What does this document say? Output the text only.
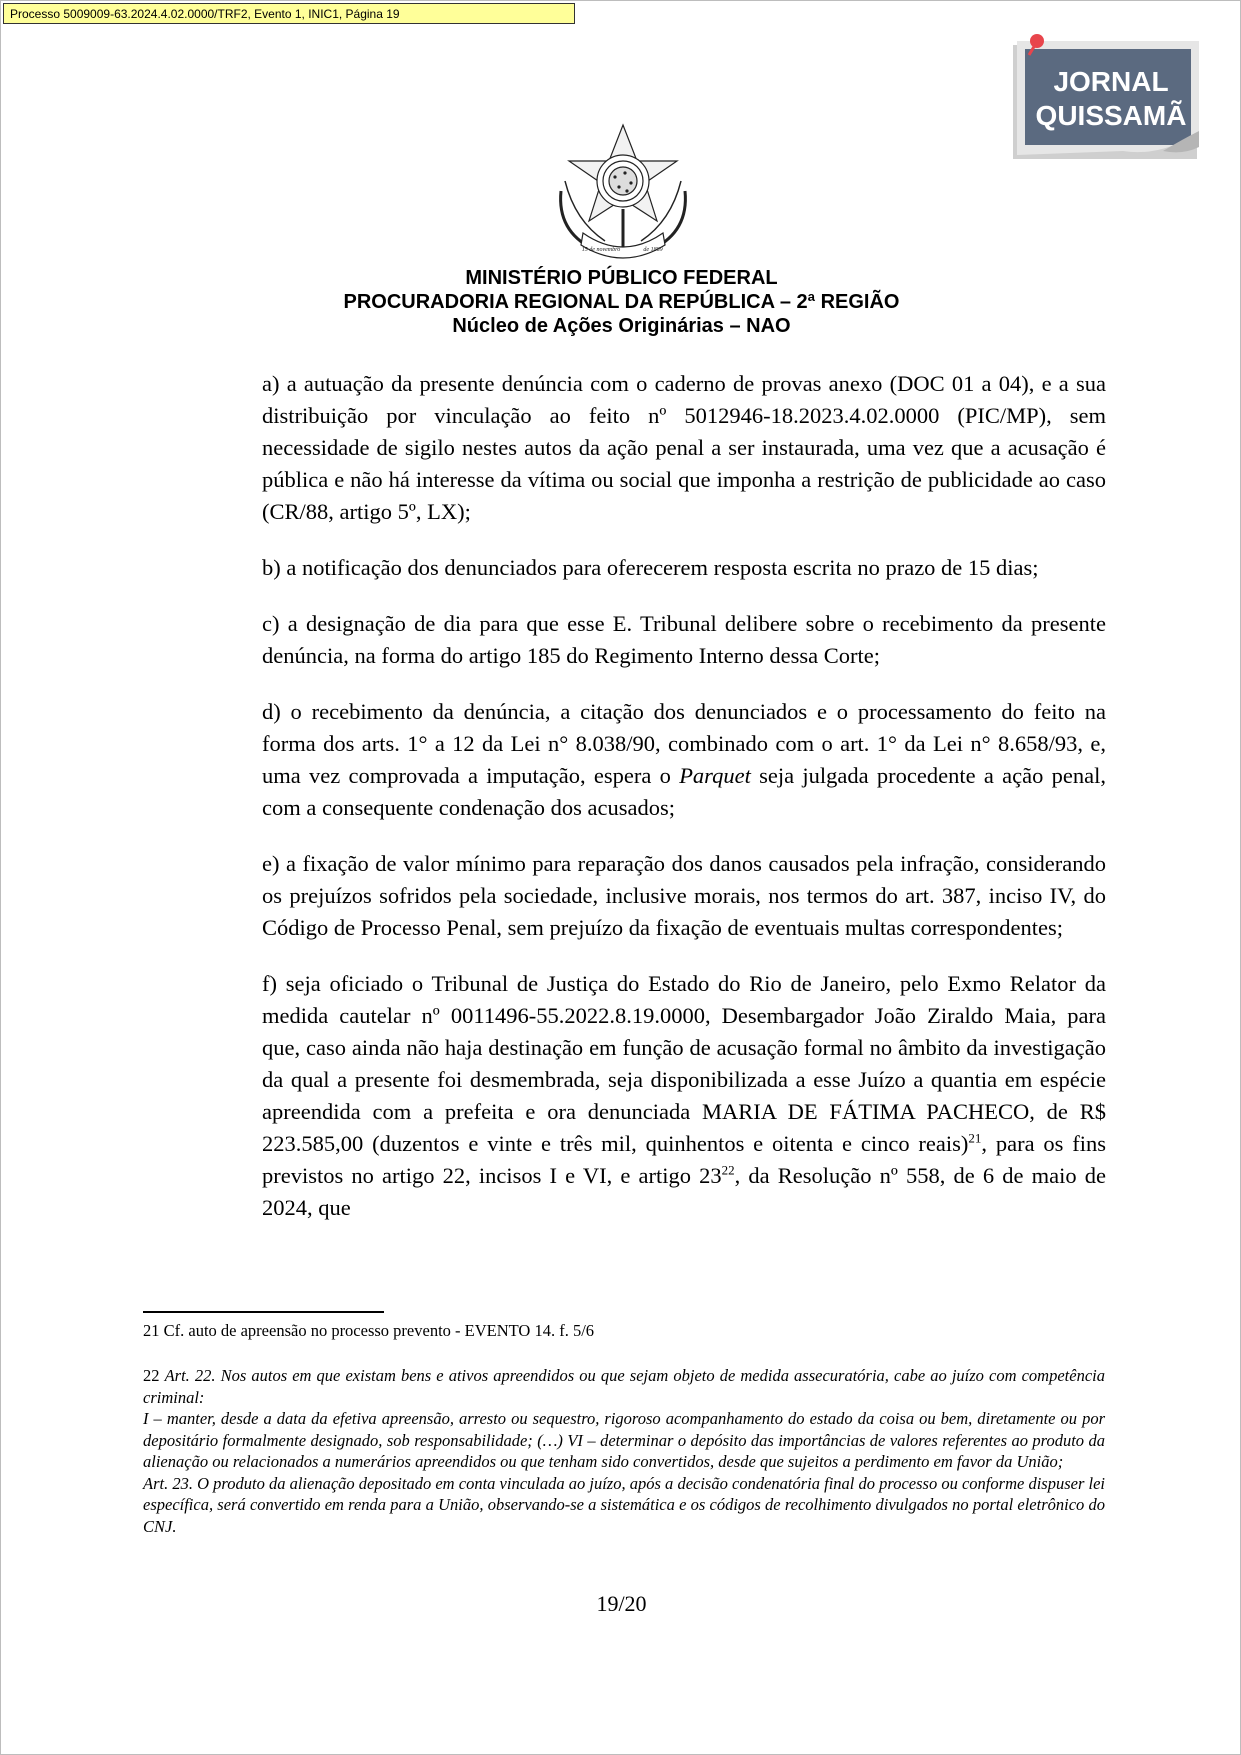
Processo 5009009-63.2024.4.02.0000/TRF2, Evento 1, INIC1, Página 19
JORNAL
QUISSAMÃ
15 de novembro	de 1889
MINISTÉRIO PÚBLICO FEDERAL
PROCURADORIA REGIONAL DA REPÚBLICA – 2ª REGIÃO
Núcleo de Ações Originárias – NAO

a) a autuação da presente denúncia com o caderno de provas anexo (DOC 01 a 04), e a sua distribuição por vinculação ao feito nº 5012946-18.2023.4.02.0000 (PIC/MP), sem necessidade de sigilo nestes autos da ação penal a ser instaurada, uma vez que a acusação é pública e não há interesse da vítima ou social que imponha a restrição de publicidade ao caso (CR/88, artigo 5º, LX);

b) a notificação dos denunciados para oferecerem resposta escrita no prazo de 15 dias;

c) a designação de dia para que esse E. Tribunal delibere sobre o recebimento da presente denúncia, na forma do artigo 185 do Regimento Interno dessa Corte;

d) o recebimento da denúncia, a citação dos denunciados e o processamento do feito na forma dos arts. 1° a 12 da Lei n° 8.038/90, combinado com o art. 1° da Lei n° 8.658/93, e, uma vez comprovada a imputação, espera o Parquet seja julgada procedente a ação penal, com a consequente condenação dos acusados;

e) a fixação de valor mínimo para reparação dos danos causados pela infração, considerando os prejuízos sofridos pela sociedade, inclusive morais, nos termos do art. 387, inciso IV, do Código de Processo Penal, sem prejuízo da fixação de eventuais multas correspondentes;

f) seja oficiado o Tribunal de Justiça do Estado do Rio de Janeiro, pelo Exmo Relator da medida cautelar nº 0011496-55.2022.8.19.0000, Desembargador João Ziraldo Maia, para que, caso ainda não haja destinação em função de acusação formal no âmbito da investigação da qual a presente foi desmembrada, seja disponibilizada a esse Juízo a quantia em espécie apreendida com a prefeita e ora denunciada MARIA DE FÁTIMA PACHECO, de R$ 223.585,00 (duzentos e vinte e três mil, quinhentos e oitenta e cinco reais)$^{21}$, para os fins previstos no artigo 22, incisos I e VI, e artigo $23^{22}$, da Resolução nº 558, de 6 de maio de 2024, que

21 Cf. auto de apreensão no processo prevento - EVENTO 14. f. 5/6

22 Art. 22. Nos autos em que existam bens e ativos apreendidos ou que sejam objeto de medida assecuratória, cabe ao juízo com competência criminal:

I – manter, desde a data da efetiva apreensão, arresto ou sequestro, rigoroso acompanhamento do estado da coisa ou bem, diretamente ou por depositário formalmente designado, sob responsabilidade; (…) VI – determinar o depósito das importâncias de valores referentes ao produto da alienação ou relacionados a numerários apreendidos ou que tenham sido convertidos, desde que sujeitos a perdimento em favor da União;

Art. 23. O produto da alienação depositado em conta vinculada ao juízo, após a decisão condenatória final do processo ou conforme dispuser lei específica, será convertido em renda para a União, observando-se a sistemática e os códigos de recolhimento divulgados no portal eletrônico do CNJ.

19/20
